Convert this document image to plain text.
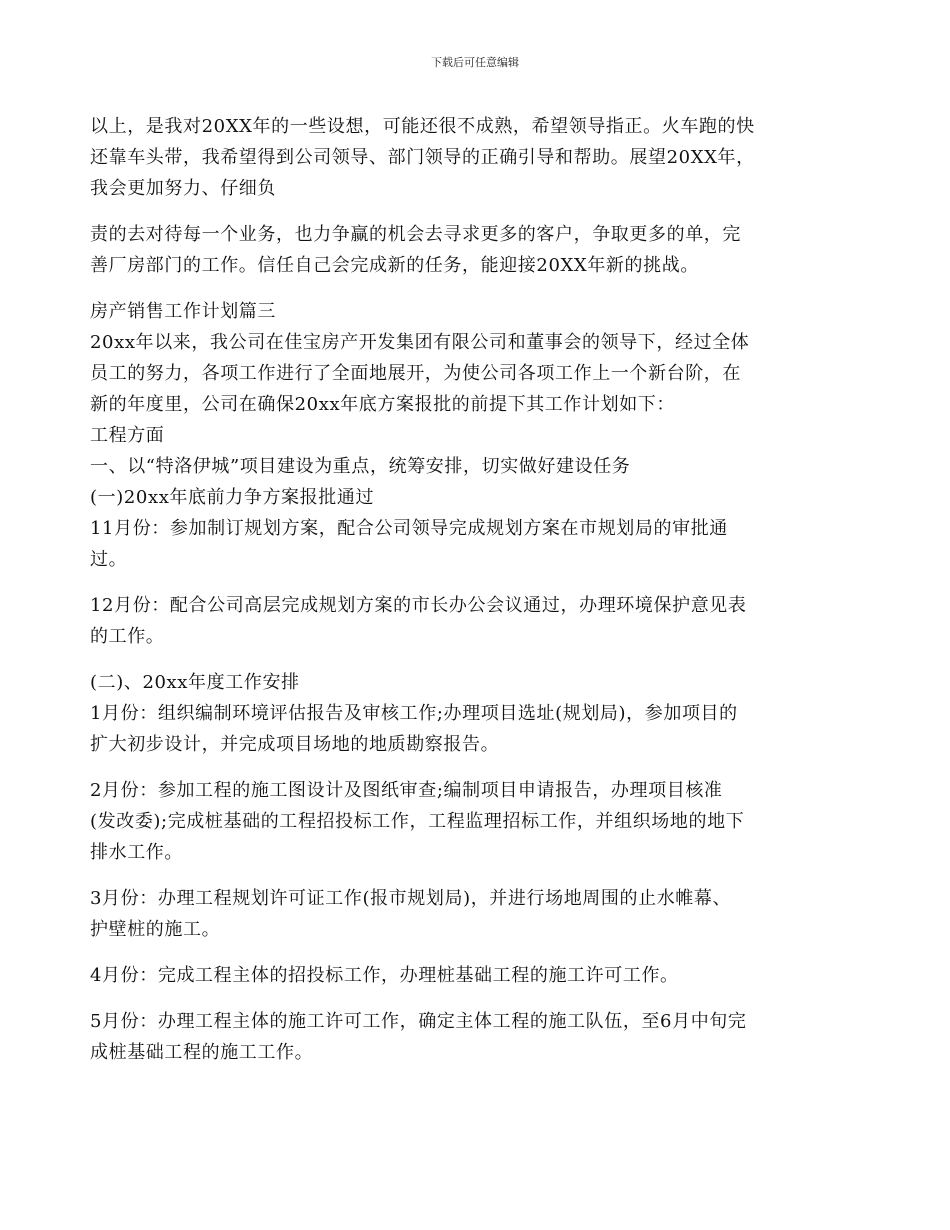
下载后可任意编辑

以上，是我对20XX年的一些设想，可能还很不成熟，希望领导指正。火车跑的快
还靠车头带，我希望得到公司领导、部门领导的正确引导和帮助。展望20XX年，
我会更加努力、仔细负

责的去对待每一个业务，也力争赢的机会去寻求更多的客户，争取更多的单，完
善厂房部门的工作。信任自己会完成新的任务，能迎接20XX年新的挑战。

房产销售工作计划篇三

20xx年以来，我公司在佳宝房产开发集团有限公司和董事会的领导下，经过全体
员工的努力，各项工作进行了全面地展开，为使公司各项工作上一个新台阶，在
新的年度里，公司在确保20xx年底方案报批的前提下其工作计划如下：

工程方面

一、以“特洛伊城”项目建设为重点，统筹安排，切实做好建设任务

(一)20xx年底前力争方案报批通过

11月份：参加制订规划方案，配合公司领导完成规划方案在市规划局的审批通
过。

12月份：配合公司高层完成规划方案的市长办公会议通过，办理环境保护意见表
的工作。

(二)、20xx年度工作安排

1月份：组织编制环境评估报告及审核工作;办理项目选址(规划局)，参加项目的
扩大初步设计，并完成项目场地的地质勘察报告。

2月份：参加工程的施工图设计及图纸审查;编制项目申请报告，办理项目核准
(发改委);完成桩基础的工程招投标工作，工程监理招标工作，并组织场地的地下
排水工作。

3月份：办理工程规划许可证工作(报市规划局)，并进行场地周围的止水帷幕、
护壁桩的施工。

4月份：完成工程主体的招投标工作，办理桩基础工程的施工许可工作。

5月份：办理工程主体的施工许可工作，确定主体工程的施工队伍，至6月中旬完
成桩基础工程的施工工作。
